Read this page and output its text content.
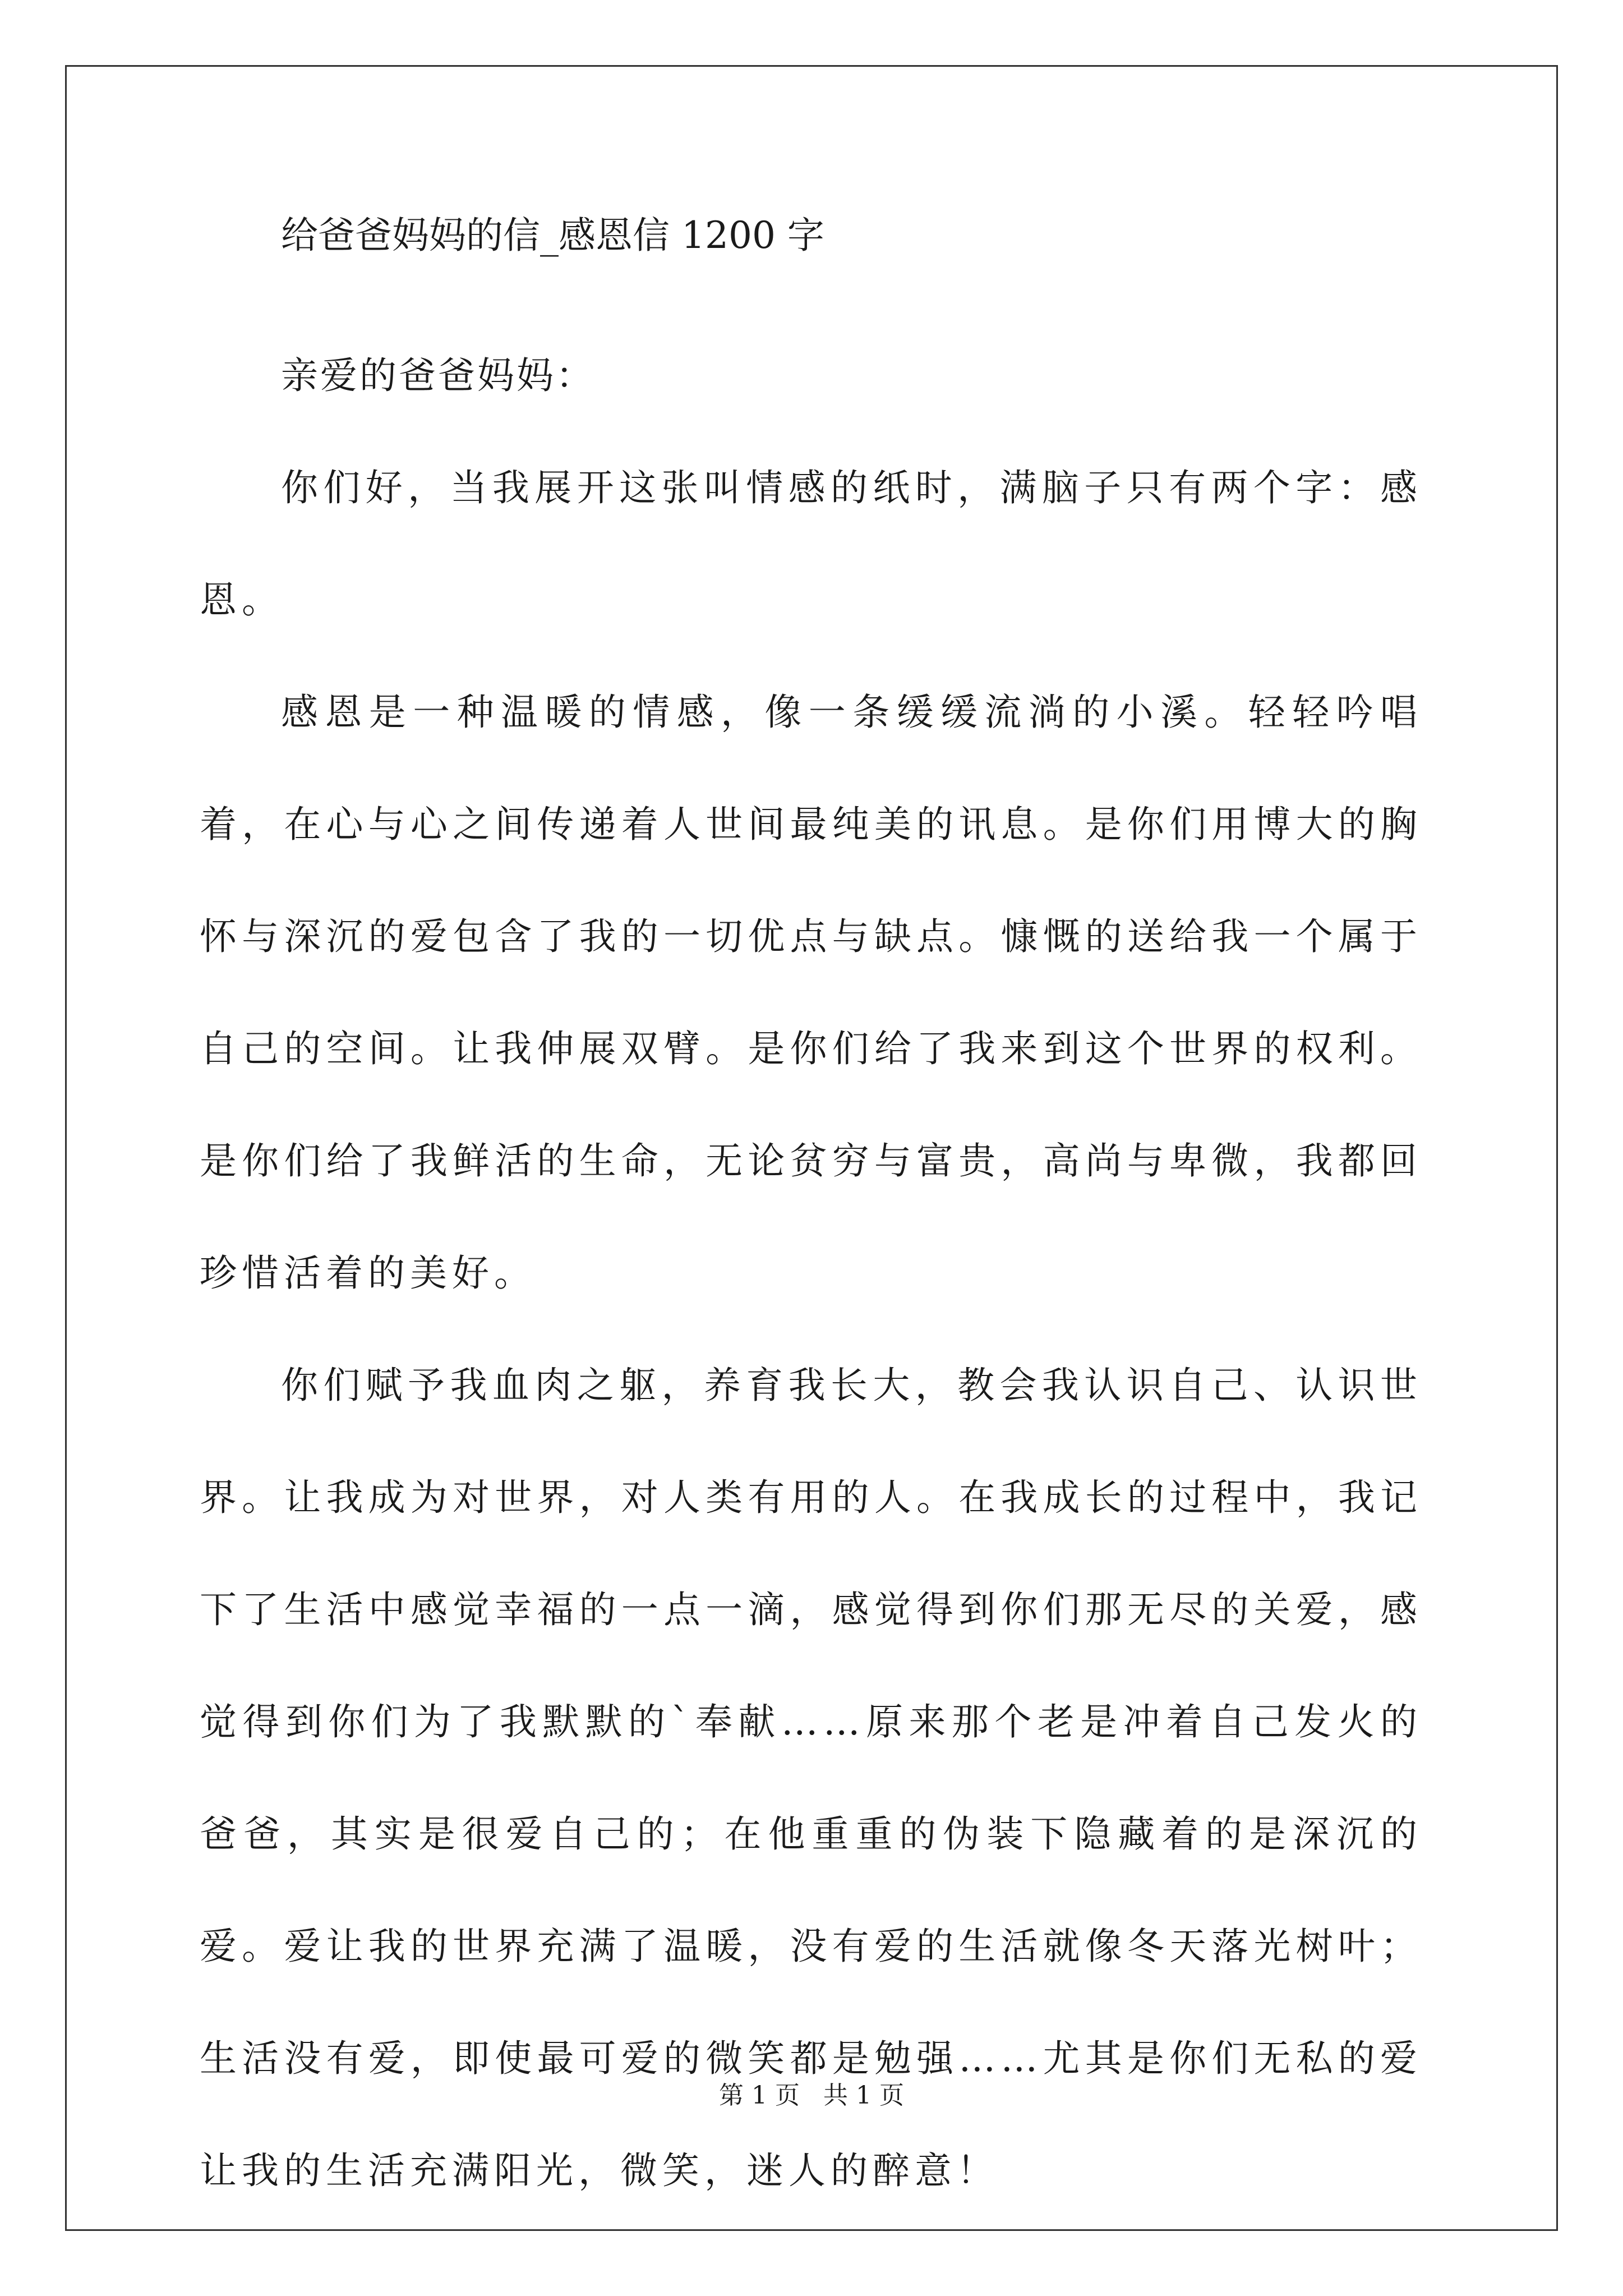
给爸爸妈妈的信_感恩信 1200 字

亲爱的爸爸妈妈：

你们好，当我展开这张叫情感的纸时，满脑子只有两个字：感恩。

感恩是一种温暖的情感，像一条缓缓流淌的小溪。轻轻吟唱着，在心与心之间传递着人世间最纯美的讯息。是你们用博大的胸怀与深沉的爱包含了我的一切优点与缺点。慷慨的送给我一个属于自己的空间。让我伸展双臂。是你们给了我来到这个世界的权利。是你们给了我鲜活的生命，无论贫穷与富贵，高尚与卑微，我都回珍惜活着的美好。

你们赋予我血肉之躯，养育我长大，教会我认识自己、认识世界。让我成为对世界，对人类有用的人。在我成长的过程中，我记下了生活中感觉幸福的一点一滴，感觉得到你们那无尽的关爱，感觉得到你们为了我默默的`奉献……原来那个老是冲着自己发火的爸爸，其实是很爱自己的；在他重重的伪装下隐藏着的是深沉的爱。爱让我的世界充满了温暖，没有爱的生活就像冬天落光树叶；生活没有爱，即使最可爱的微笑都是勉强……尤其是你们无私的爱让我的生活充满阳光，微笑，迷人的醉意！

第 1 页   共 1 页
